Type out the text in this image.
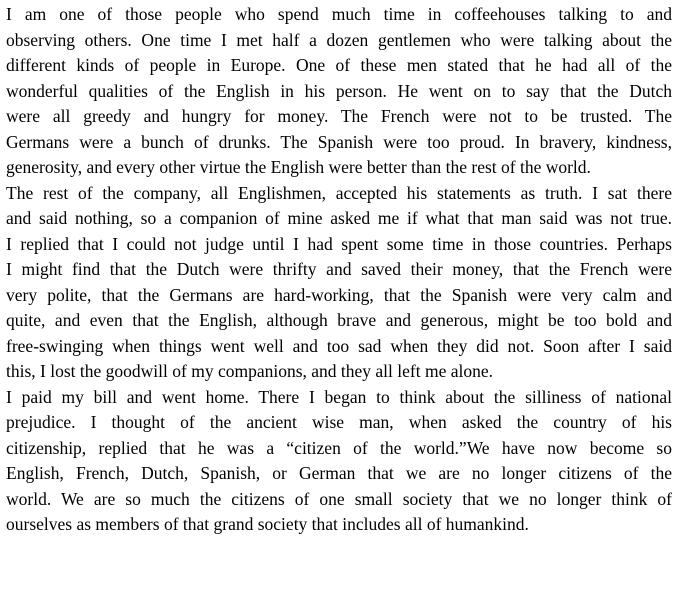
I am one of those people who spend much time in coffeehouses talking to and
observing others. One time I met half a dozen gentlemen who were talking about the
different kinds of people in Europe. One of these men stated that he had all of the
wonderful qualities of the English in his person. He went on to say that the Dutch
were all greedy and hungry for money. The French were not to be trusted. The
Germans were a bunch of drunks. The Spanish were too proud. In bravery, kindness,
generosity, and every other virtue the English were better than the rest of the world.
The rest of the company, all Englishmen, accepted his statements as truth. I sat there
and said nothing, so a companion of mine asked me if what that man said was not true.
I replied that I could not judge until I had spent some time in those countries. Perhaps
I might find that the Dutch were thrifty and saved their money, that the French were
very polite, that the Germans are hard-working, that the Spanish were very calm and
quite, and even that the English, although brave and generous, might be too bold and
free-swinging when things went well and too sad when they did not. Soon after I said
this, I lost the goodwill of my companions, and they all left me alone.
I paid my bill and went home. There I began to think about the silliness of national
prejudice. I thought of the ancient wise man, when asked the country of his
citizenship, replied that he was a “citizen of the world.”We have now become so
English, French, Dutch, Spanish, or German that we are no longer citizens of the
world. We are so much the citizens of one small society that we no longer think of
ourselves as members of that grand society that includes all of humankind.
